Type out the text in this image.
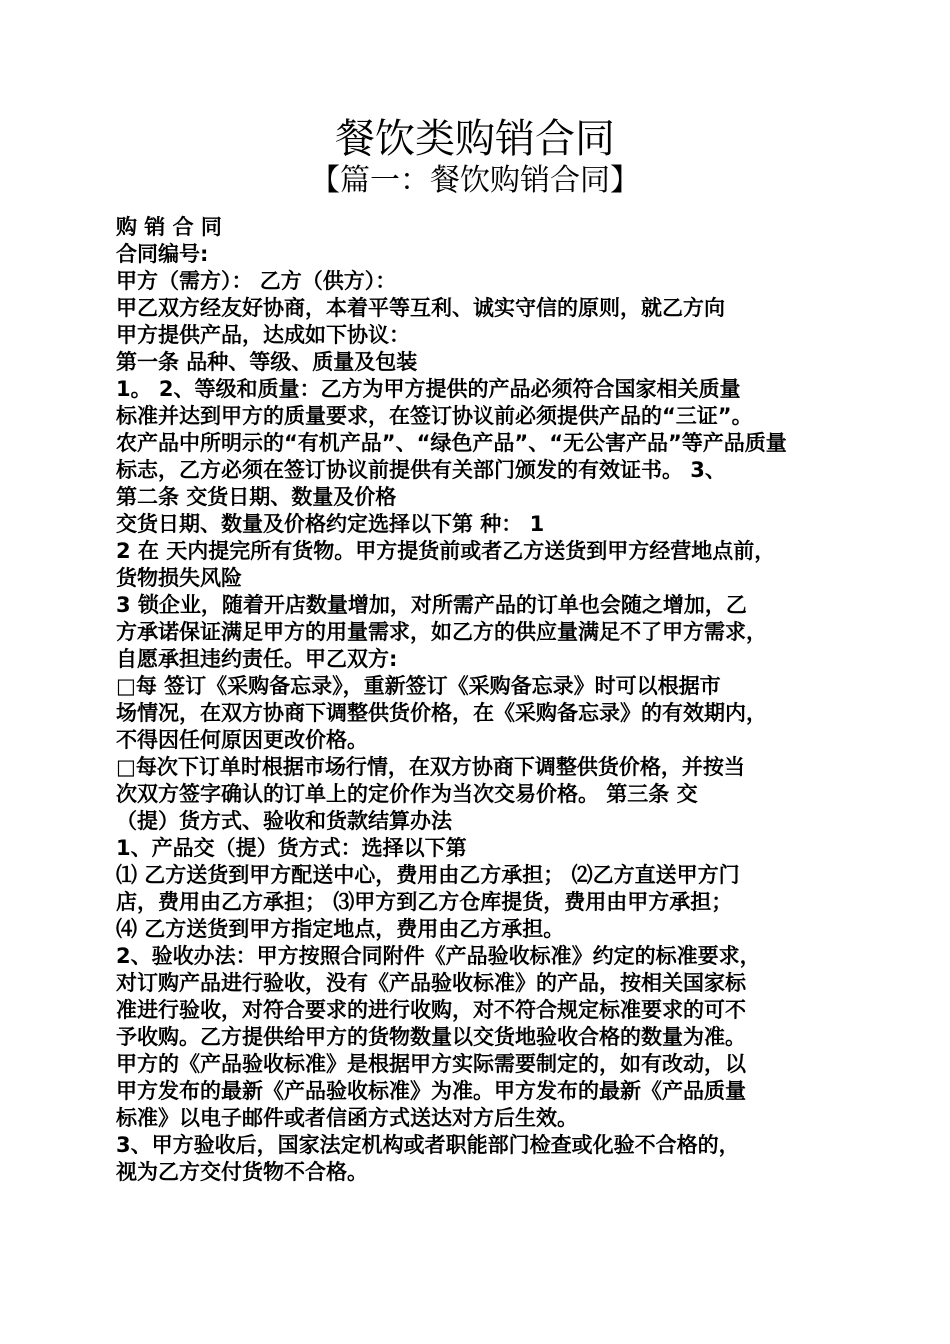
餐饮类购销合同
【篇一：餐饮购销合同】
购 销 合 同
合同编号:
甲方（需方）： 乙方（供方）：
甲乙双方经友好协商，本着平等互利、诚实守信的原则，就乙方向
甲方提供产品，达成如下协议：
第一条 品种、等级、质量及包装
1。 2、等级和质量：乙方为甲方提供的产品必须符合国家相关质量
标准并达到甲方的质量要求，在签订协议前必须提供产品的“三证”。
农产品中所明示的“有机产品”、“绿色产品”、“无公害产品”等产品质量
标志，乙方必须在签订协议前提供有关部门颁发的有效证书。 3、
第二条 交货日期、数量及价格
交货日期、数量及价格约定选择以下第 种： 1
2 在 天内提完所有货物。甲方提货前或者乙方送货到甲方经营地点前，
货物损失风险
3 锁企业，随着开店数量增加，对所需产品的订单也会随之增加，乙
方承诺保证满足甲方的用量需求，如乙方的供应量满足不了甲方需求，
自愿承担违约责任。甲乙双方:
□每 签订《采购备忘录》，重新签订《采购备忘录》时可以根据市
场情况，在双方协商下调整供货价格，在《采购备忘录》的有效期内，
不得因任何原因更改价格。
□每次下订单时根据市场行情，在双方协商下调整供货价格，并按当
次双方签字确认的订单上的定价作为当次交易价格。 第三条 交
（提）货方式、验收和货款结算办法
1、产品交（提）货方式：选择以下第
⑴ 乙方送货到甲方配送中心，费用由乙方承担； ⑵乙方直送甲方门
店，费用由乙方承担； ⑶甲方到乙方仓库提货，费用由甲方承担；
⑷ 乙方送货到甲方指定地点，费用由乙方承担。
2、验收办法：甲方按照合同附件《产品验收标准》约定的标准要求，
对订购产品进行验收，没有《产品验收标准》的产品，按相关国家标
准进行验收，对符合要求的进行收购，对不符合规定标准要求的可不
予收购。乙方提供给甲方的货物数量以交货地验收合格的数量为准。
甲方的《产品验收标准》是根据甲方实际需要制定的，如有改动，以
甲方发布的最新《产品验收标准》为准。甲方发布的最新《产品质量
标准》以电子邮件或者信函方式送达对方后生效。
3、甲方验收后，国家法定机构或者职能部门检查或化验不合格的，
视为乙方交付货物不合格。
